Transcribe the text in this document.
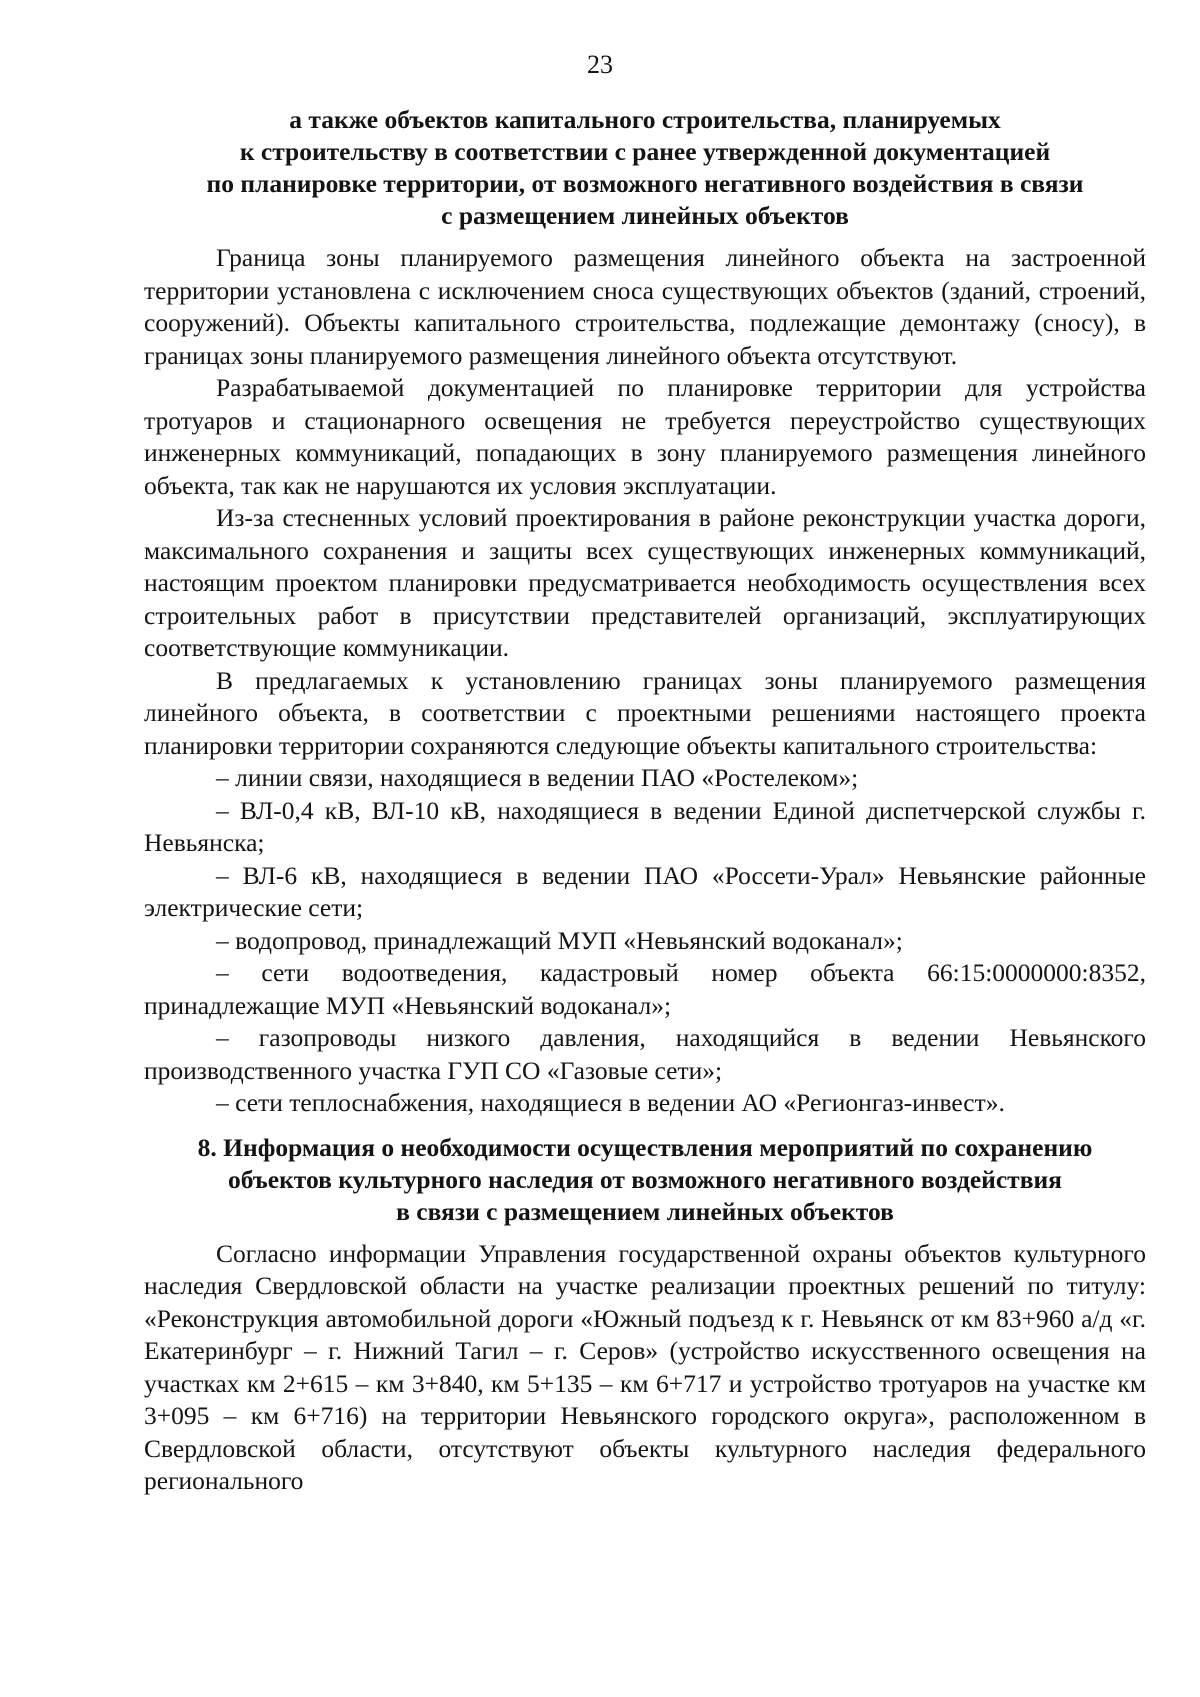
23
а также объектов капитального строительства, планируемых
к строительству в соответствии с ранее утвержденной документацией
по планировке территории, от возможного негативного воздействия в связи
с размещением линейных объектов

Граница зоны планируемого размещения линейного объекта на застроенной территории установлена с исключением сноса существующих объектов (зданий, строений, сооружений). Объекты капитального строительства, подлежащие демонтажу (сносу), в границах зоны планируемого размещения линейного объекта отсутствуют.

Разрабатываемой документацией по планировке территории для устройства тротуаров и стационарного освещения не требуется переустройство существующих инженерных коммуникаций, попадающих в зону планируемого размещения линейного объекта, так как не нарушаются их условия эксплуатации.

Из-за стесненных условий проектирования в районе реконструкции участка дороги, максимального сохранения и защиты всех существующих инженерных коммуникаций, настоящим проектом планировки предусматривается необходимость осуществления всех строительных работ в присутствии представителей организаций, эксплуатирующих соответствующие коммуникации.

В предлагаемых к установлению границах зоны планируемого размещения линейного объекта, в соответствии с проектными решениями настоящего проекта планировки территории сохраняются следующие объекты капитального строительства:

– линии связи, находящиеся в ведении ПАО «Ростелеком»;

– ВЛ-0,4 кВ, ВЛ-10 кВ, находящиеся в ведении Единой диспетчерской службы г. Невьянска;

– ВЛ-6 кВ, находящиеся в ведении ПАО «Россети-Урал» Невьянские районные электрические сети;

– водопровод, принадлежащий МУП «Невьянский водоканал»;

– сети водоотведения, кадастровый номер объекта 66:15:0000000:8352, принадлежащие МУП «Невьянский водоканал»;

– газопроводы низкого давления, находящийся в ведении Невьянского производственного участка ГУП СО «Газовые сети»;

– сети теплоснабжения, находящиеся в ведении АО «Регионгаз-инвест».

8. Информация о необходимости осуществления мероприятий по сохранению
объектов культурного наследия от возможного негативного воздействия
в связи с размещением линейных объектов

Согласно информации Управления государственной охраны объектов культурного наследия Свердловской области на участке реализации проектных решений по титулу: «Реконструкция автомобильной дороги «Южный подъезд к г. Невьянск от км 83+960 а/д «г. Екатеринбург – г. Нижний Тагил – г. Серов» (устройство искусственного освещения на участках км 2+615 – км 3+840, км 5+135 – км 6+717 и устройство тротуаров на участке км 3+095 – км 6+716) на территории Невьянского городского округа», расположенном в Свердловской области, отсутствуют объекты культурного наследия федерального регионального
